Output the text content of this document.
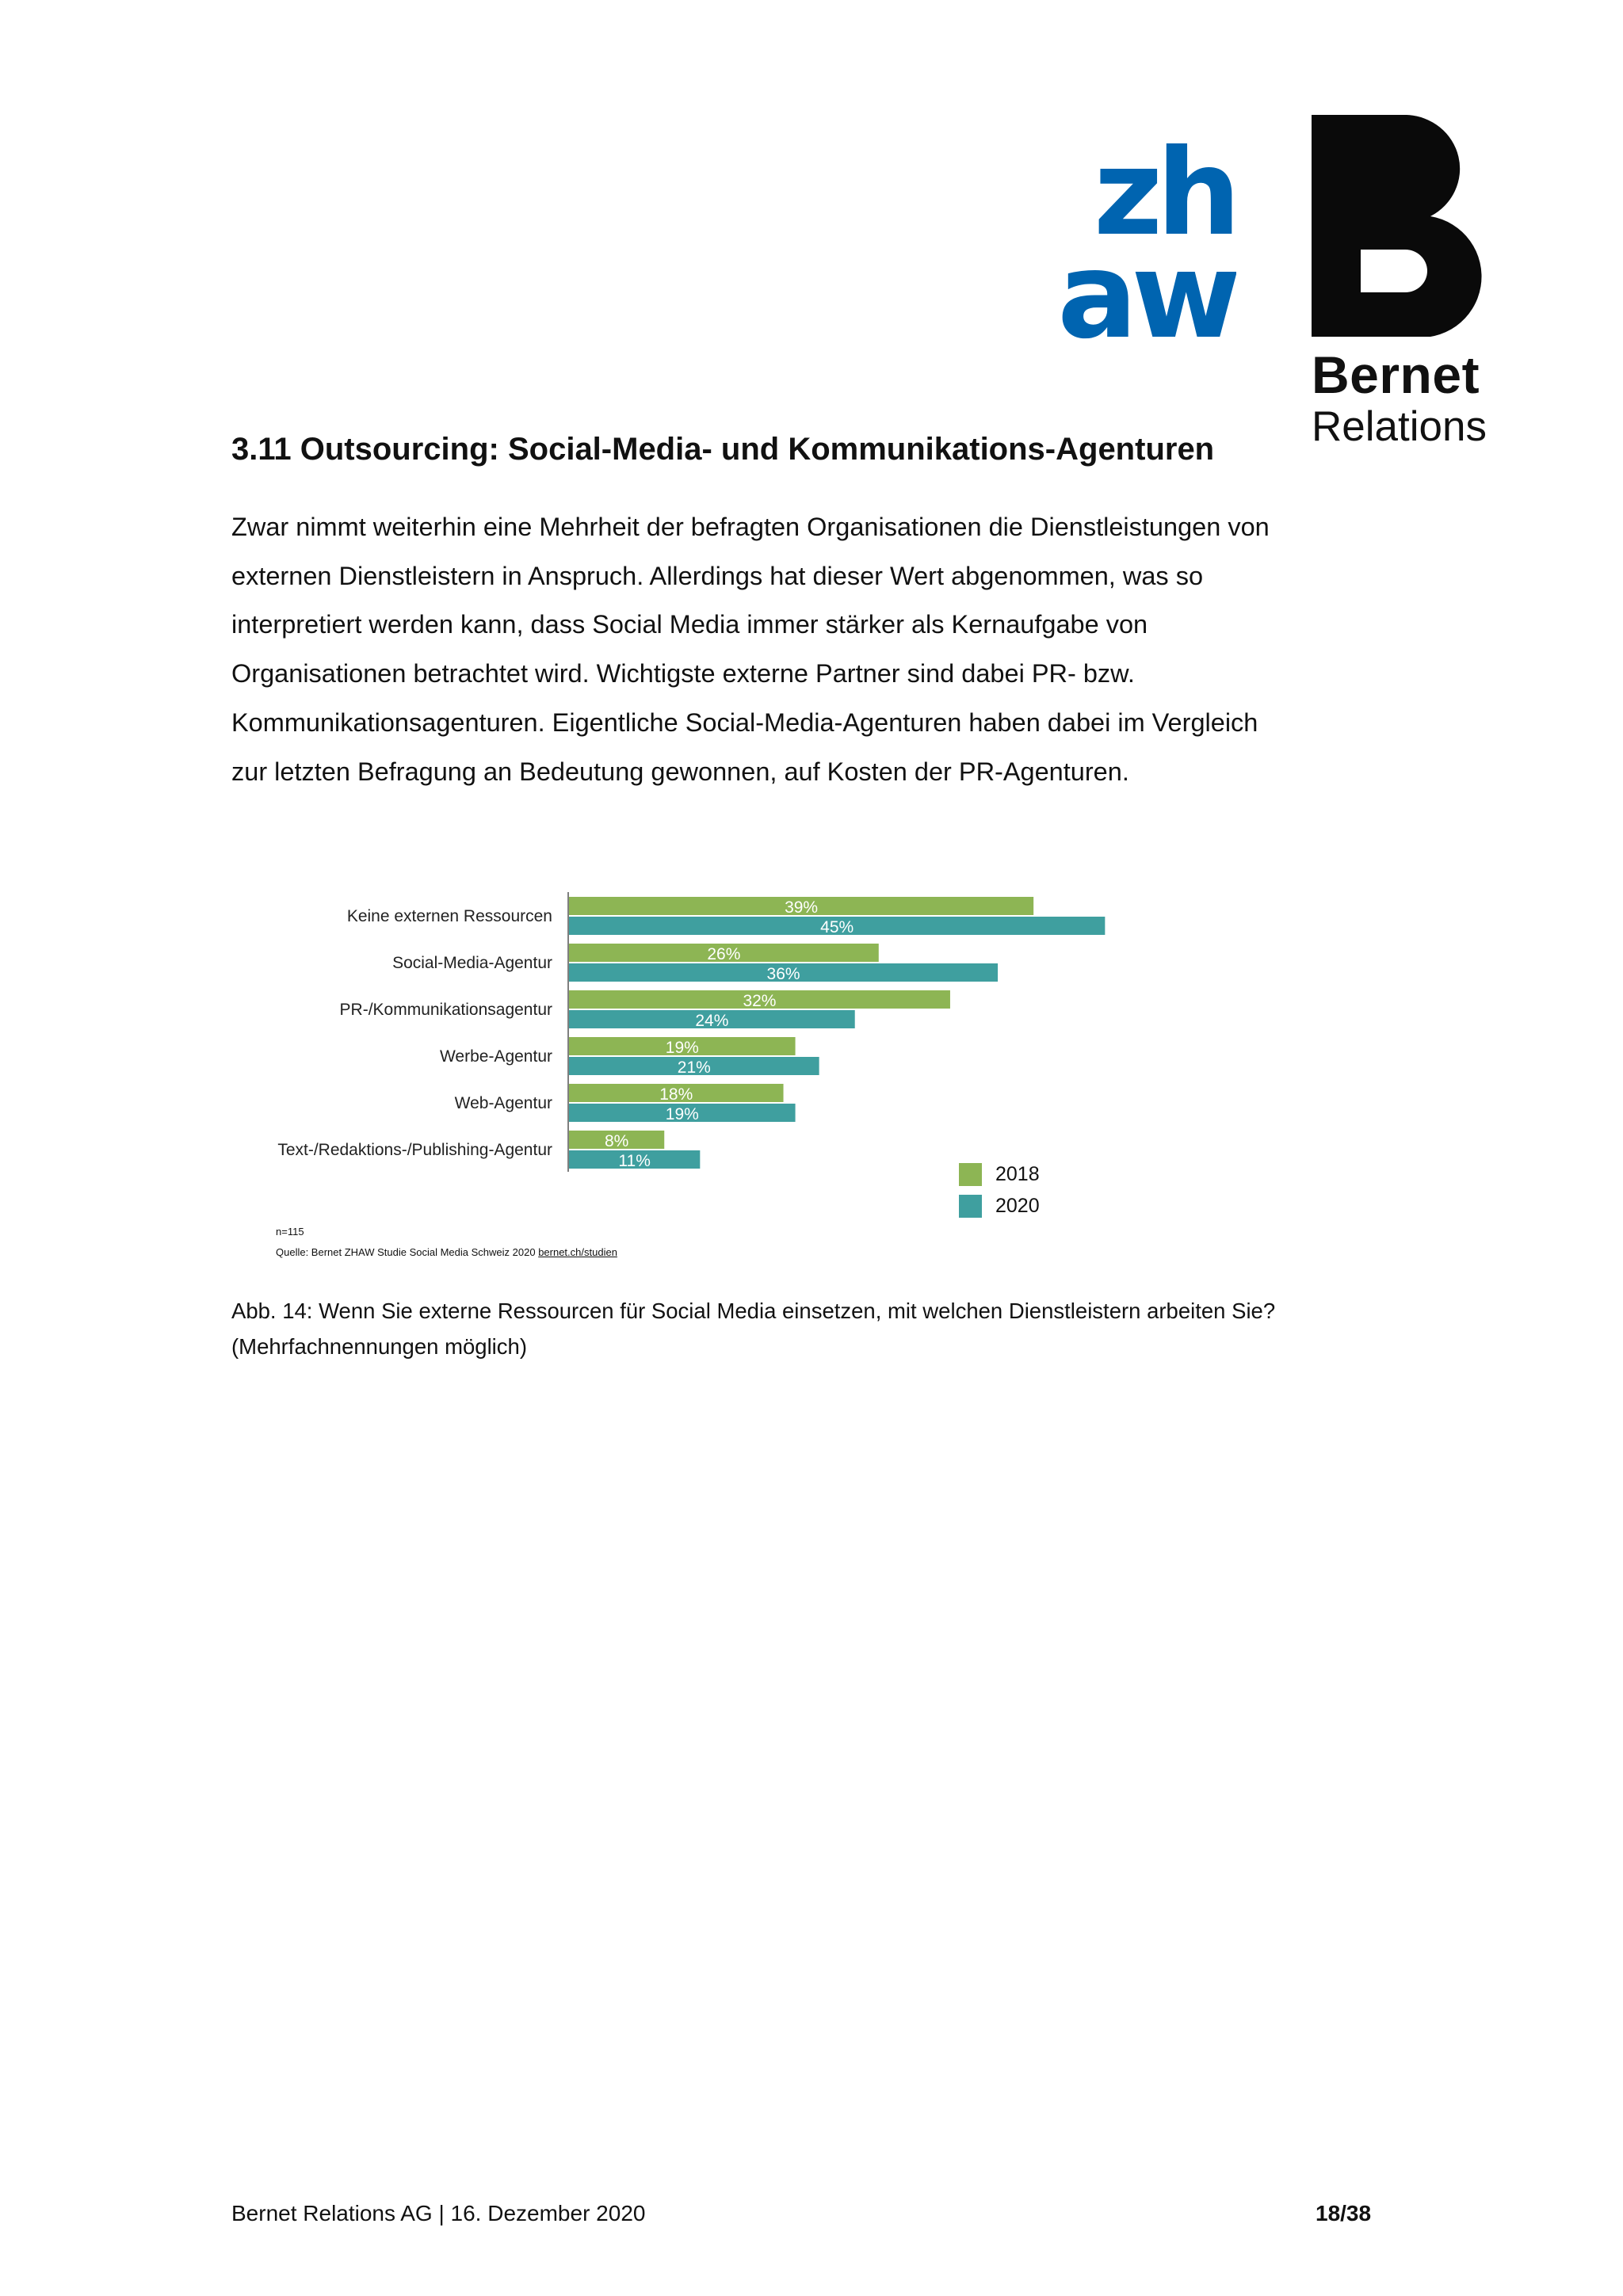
zh
aw
Bernet
Relations
3.11 Outsourcing: Social-Media- und Kommunikations-Agenturen

Zwar nimmt weiterhin eine Mehrheit der befragten Organisationen die Dienstleistungen von externen Dienstleistern in Anspruch. Allerdings hat dieser Wert abgenommen, was so interpretiert werden kann, dass Social Media immer stärker als Kernaufgabe von Organisationen betrachtet wird. Wichtigste externe Partner sind dabei PR- bzw. Kommunikationsagenturen. Eigentliche Social-Media-Agenturen haben dabei im Vergleich zur letzten Befragung an Bedeutung gewonnen, auf Kosten der PR-Agenturen.

Keine externen Ressourcen	39%
45%
Social-Media-Agentur	26%
36%
PR-/Kommunikationsagentur	32%
24%
Werbe-Agentur	19%
21%
Web-Agentur	18%
19%
Text-/Redaktions-/Publishing-Agentur	8%
11%
2018
2020
n=115
Quelle: Bernet ZHAW Studie Social Media Schweiz 2020 bernet.ch/studien

Abb. 14: Wenn Sie externe Ressourcen für Social Media einsetzen, mit welchen Dienstleistern arbeiten Sie? (Mehrfachnennungen möglich)

Bernet Relations AG | 16. Dezember 2020	18/38
